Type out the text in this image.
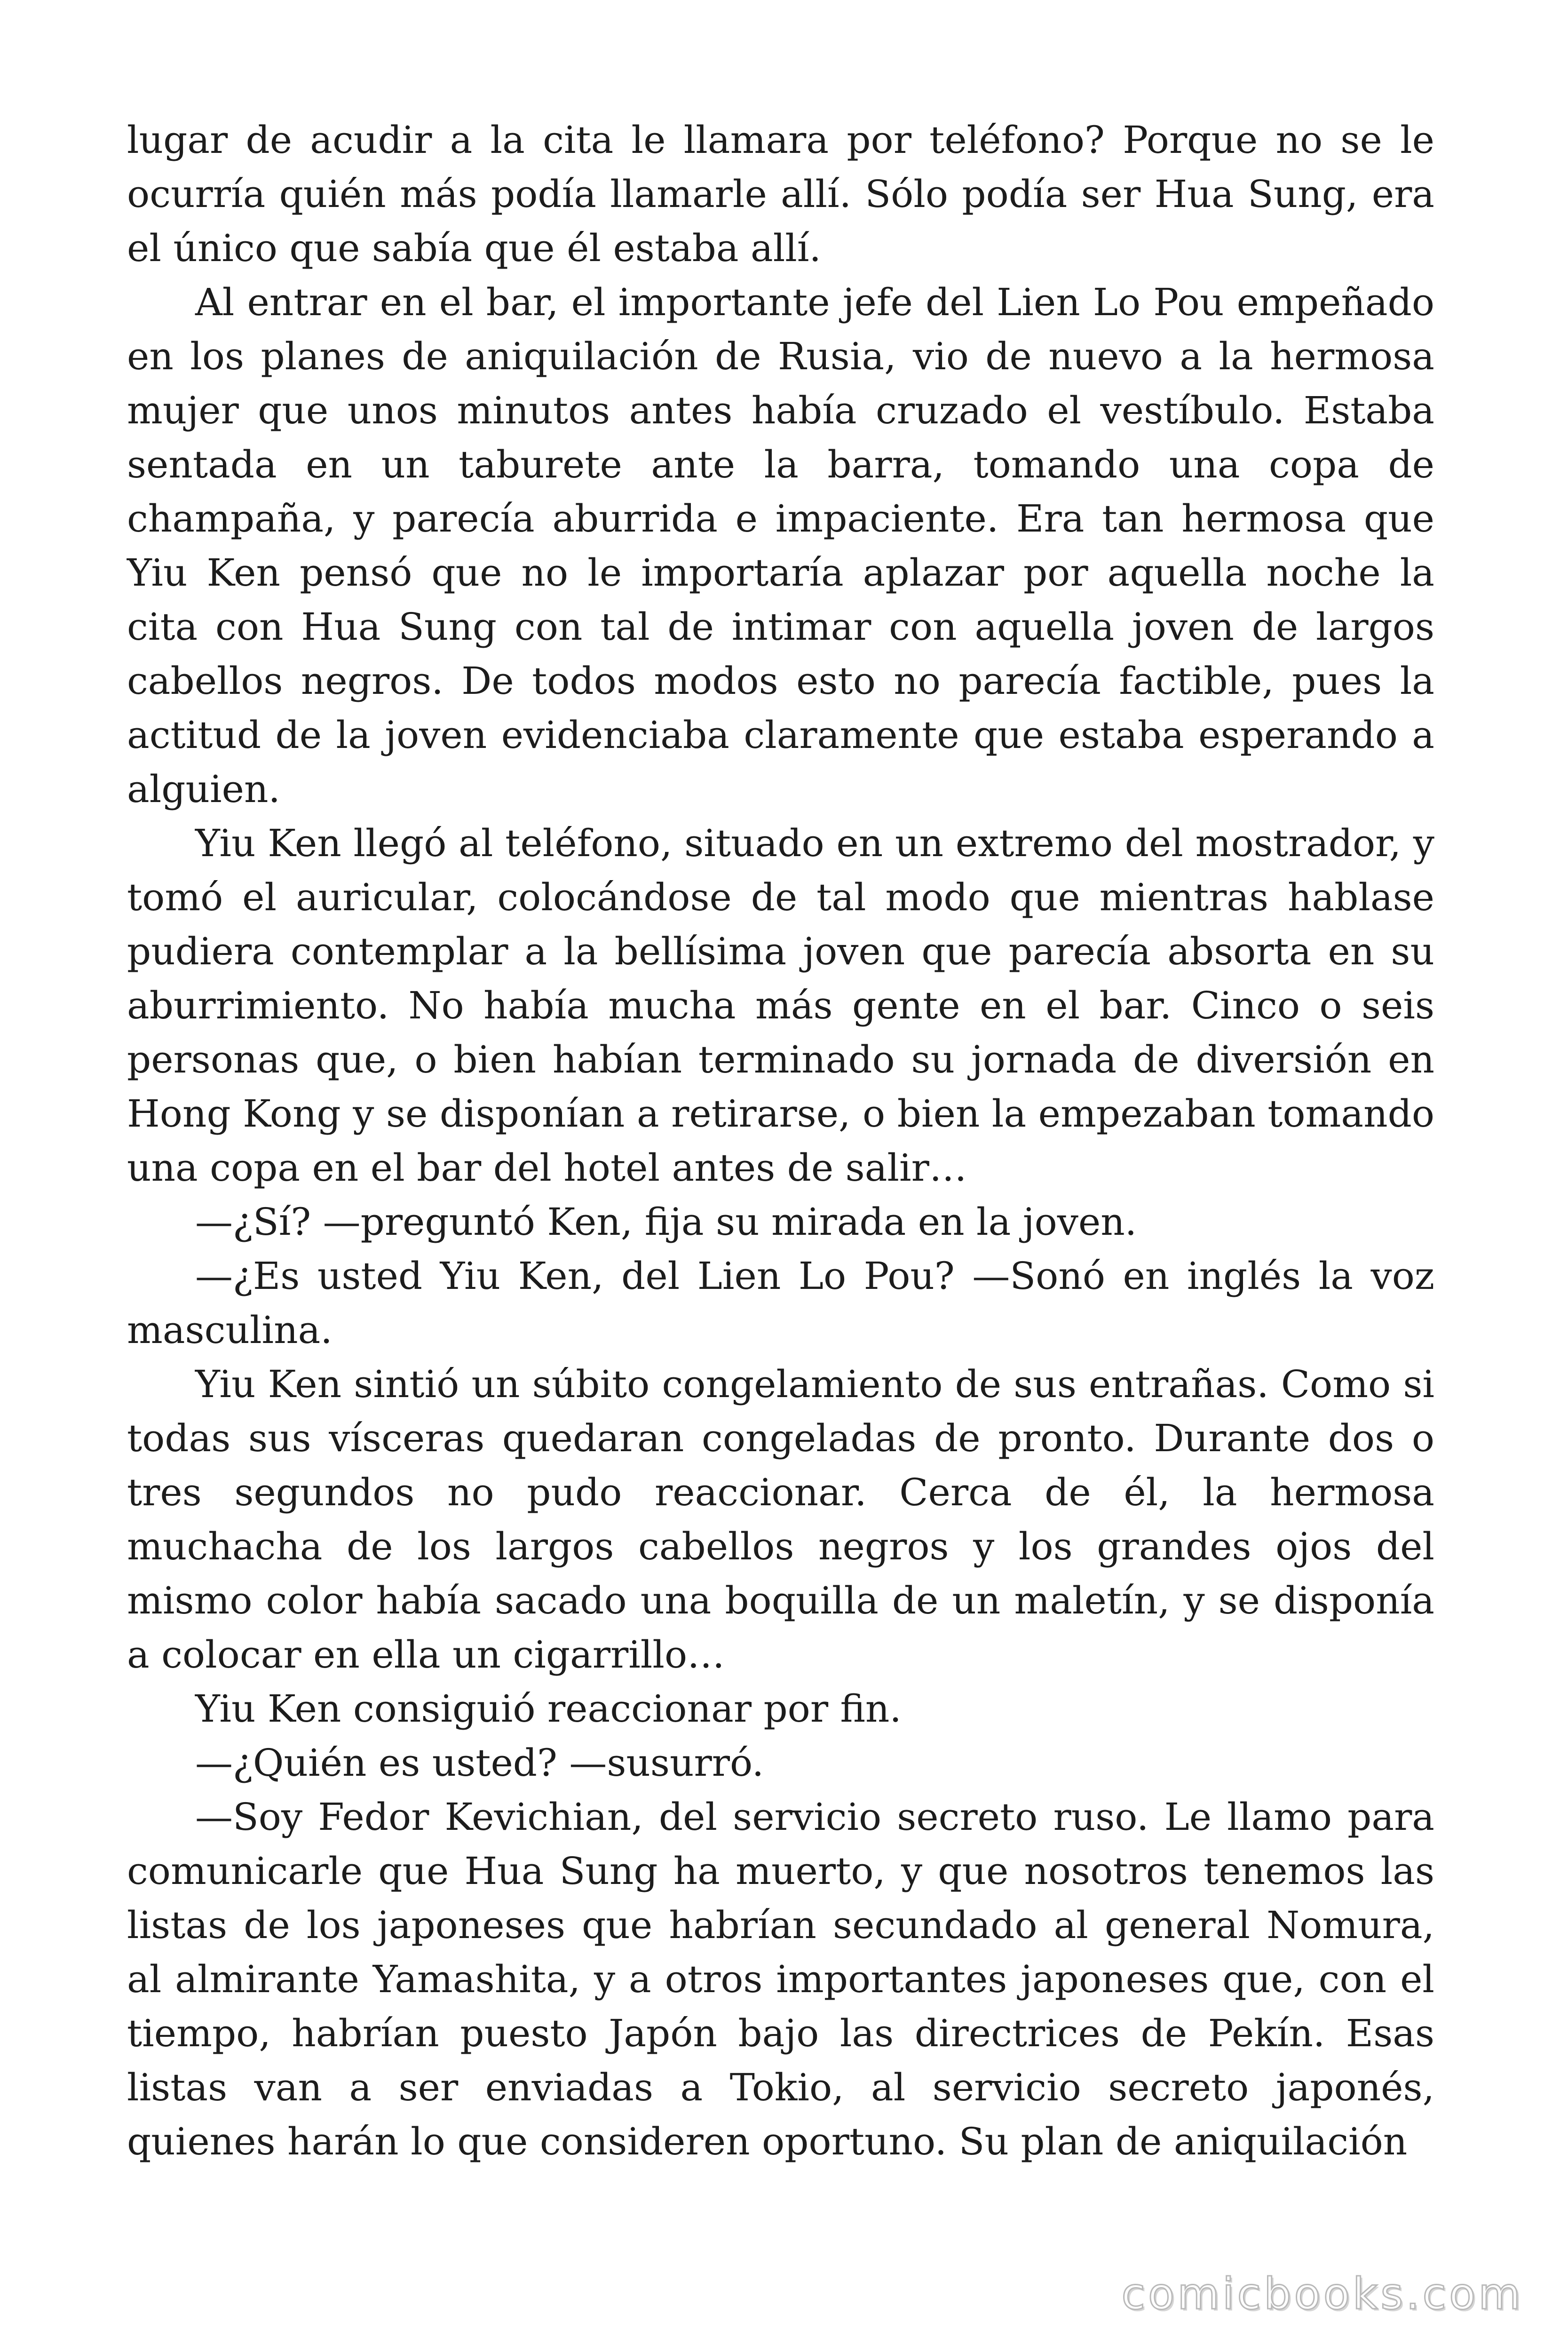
lugar de acudir a la cita le llamara por teléfono? Porque no se le ocurría quién más podía llamarle allí. Sólo podía ser Hua Sung, era el único que sabía que él estaba allí.

Al entrar en el bar, el importante jefe del Lien Lo Pou empeñado en los planes de aniquilación de Rusia, vio de nuevo a la hermosa mujer que unos minutos antes había cruzado el vestíbulo. Estaba sentada en un taburete ante la barra, tomando una copa de champaña, y parecía aburrida e impaciente. Era tan hermosa que Yiu Ken pensó que no le importaría aplazar por aquella noche la cita con Hua Sung con tal de intimar con aquella joven de largos cabellos negros. De todos modos esto no parecía factible, pues la actitud de la joven evidenciaba claramente que estaba esperando a alguien.

Yiu Ken llegó al teléfono, situado en un extremo del mostrador, y tomó el auricular, colocándose de tal modo que mientras hablase pudiera contemplar a la bellísima joven que parecía absorta en su aburrimiento. No había mucha más gente en el bar. Cinco o seis personas que, o bien habían terminado su jornada de diversión en Hong Kong y se disponían a retirarse, o bien la empezaban tomando una copa en el bar del hotel antes de salir…

—¿Sí? —preguntó Ken, fija su mirada en la joven.

—¿Es usted Yiu Ken, del Lien Lo Pou? —Sonó en inglés la voz masculina.

Yiu Ken sintió un súbito congelamiento de sus entrañas. Como si todas sus vísceras quedaran congeladas de pronto. Durante dos o tres segundos no pudo reaccionar. Cerca de él, la hermosa muchacha de los largos cabellos negros y los grandes ojos del mismo color había sacado una boquilla de un maletín, y se disponía a colocar en ella un cigarrillo…

Yiu Ken consiguió reaccionar por fin.

—¿Quién es usted? —susurró.

—Soy Fedor Kevichian, del servicio secreto ruso. Le llamo para comunicarle que Hua Sung ha muerto, y que nosotros tenemos las listas de los japoneses que habrían secundado al general Nomura, al almirante Yamashita, y a otros importantes japoneses que, con el tiempo, habrían puesto Japón bajo las directrices de Pekín. Esas listas van a ser enviadas a Tokio, al servicio secreto japonés, quienes harán lo que consideren oportuno. Su plan de aniquilación

comicbooks.com
